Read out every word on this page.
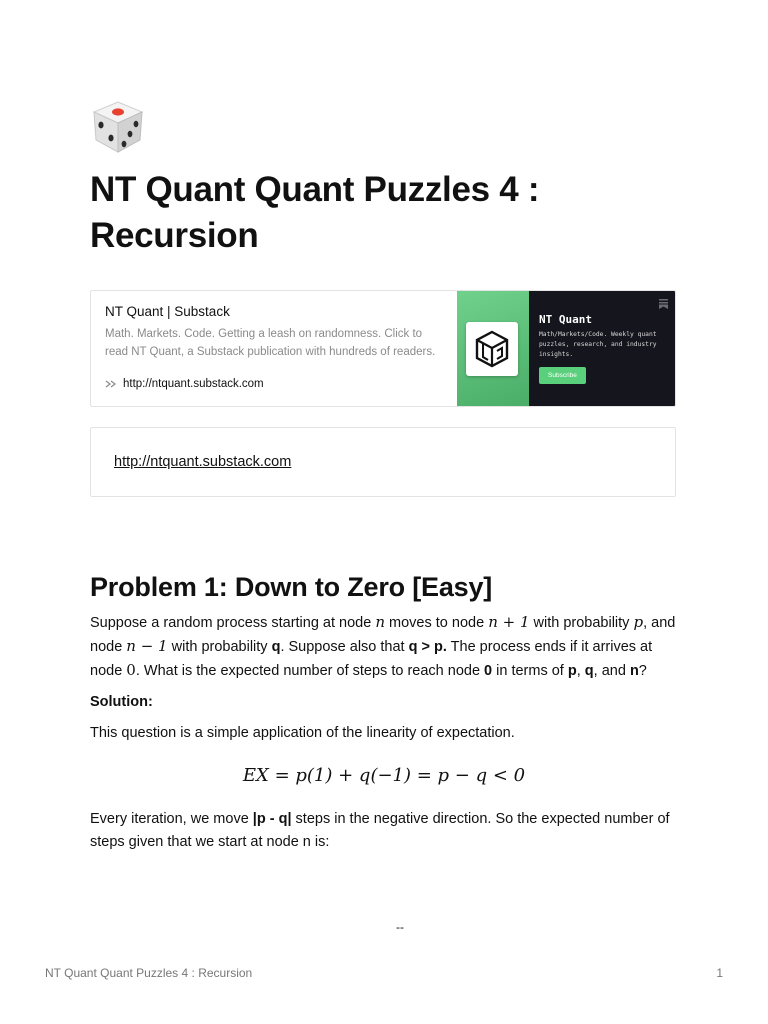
NT Quant Quant Puzzles 4 : Recursion
NT Quant | Substack
Math. Markets. Code. Getting a leash on randomness. Click to read NT Quant, a Substack publication with hundreds of readers.
http://ntquant.substack.com
NT Quant
Math/Markets/Code. Weekly quant puzzles, research, and industry insights.
Subscribe
http://ntquant.substack.com
Problem 1: Down to Zero [Easy]

Suppose a random process starting at node n moves to node n + 1 with probability p, and node n − 1 with probability q. Suppose also that q > p. The process ends if it arrives at node 0. What is the expected number of steps to reach node 0 in terms of p, q, and n?

Solution:

This question is a simple application of the linearity of expectation.

EX = p(1) + q(−1) = p − q < 0

Every iteration, we move |p - q| steps in the negative direction. So the expected number of steps given that we start at node n is:

--
NT Quant Quant Puzzles 4 : Recursion	1
